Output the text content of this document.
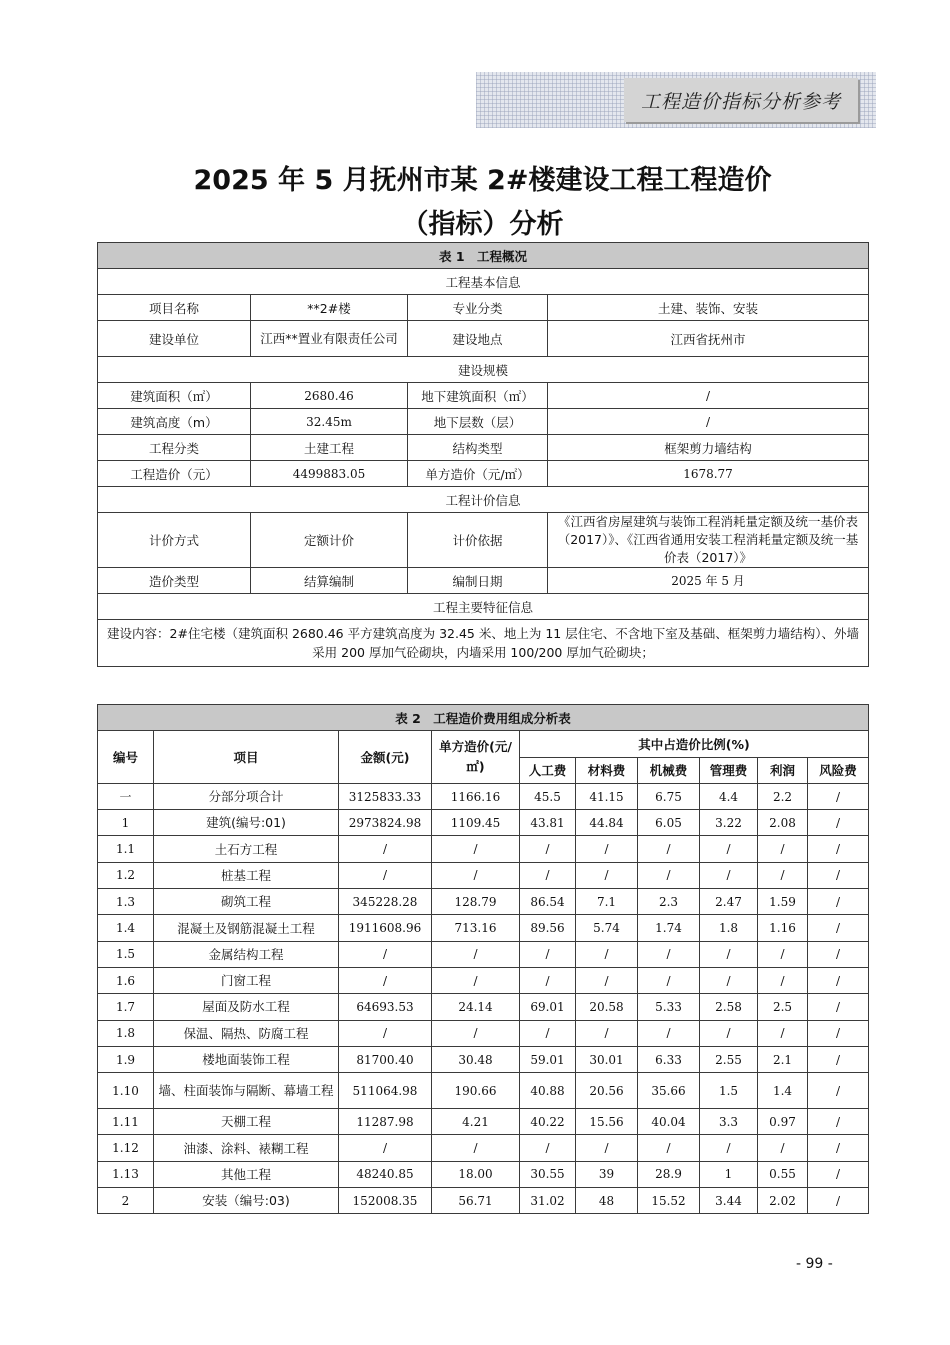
工程造价指标分析参考
2025 年 5 月抚州市某 2#楼建设工程工程造价
（指标）分析
表 1　工程概况			
工程基本信息			
项目名称	**2#楼	专业分类	土建、装饰、安装
建设单位	江西**置业有限责任公司	建设地点	江西省抚州市
建设规模			
建筑面积（㎡）	2680.46	地下建筑面积（㎡）	/
建筑高度（m）	32.45m	地下层数（层）	/
工程分类	土建工程	结构类型	框架剪力墙结构
工程造价（元）	4499883.05	单方造价（元/㎡）	1678.77
工程计价信息			
计价方式	定额计价	计价依据	《江西省房屋建筑与装饰工程消耗量定额及统一基价表（2017）》、《江西省通用安装工程消耗量定额及统一基价表（2017）》
造价类型	结算编制	编制日期	2025 年 5 月
工程主要特征信息			
建设内容：2#住宅楼（建筑面积 2680.46 平方建筑高度为 32.45 米、地上为 11 层住宅、不含地下室及基础、框架剪力墙结构）、外墙采用 200 厚加气砼砌块，内墙采用 100/200 厚加气砼砌块；			
表 2　工程造价费用组成分析表									
编号	项目	金额(元)	单方造价(元/㎡)	其中占造价比例(%)					
				人工费	材料费	机械费	管理费	利润	风险费
一	分部分项合计	3125833.33	1166.16	45.5	41.15	6.75	4.4	2.2	/
1	建筑(编号:01)	2973824.98	1109.45	43.81	44.84	6.05	3.22	2.08	/
1.1	土石方工程	/	/	/	/	/	/	/	/
1.2	桩基工程	/	/	/	/	/	/	/	/
1.3	砌筑工程	345228.28	128.79	86.54	7.1	2.3	2.47	1.59	/
1.4	混凝土及钢筋混凝土工程	1911608.96	713.16	89.56	5.74	1.74	1.8	1.16	/
1.5	金属结构工程	/	/	/	/	/	/	/	/
1.6	门窗工程	/	/	/	/	/	/	/	/
1.7	屋面及防水工程	64693.53	24.14	69.01	20.58	5.33	2.58	2.5	/
1.8	保温、隔热、防腐工程	/	/	/	/	/	/	/	/
1.9	楼地面装饰工程	81700.40	30.48	59.01	30.01	6.33	2.55	2.1	/
1.10	墙、柱面装饰与隔断、幕墙工程	511064.98	190.66	40.88	20.56	35.66	1.5	1.4	/
1.11	天棚工程	11287.98	4.21	40.22	15.56	40.04	3.3	0.97	/
1.12	油漆、涂料、裱糊工程	/	/	/	/	/	/	/	/
1.13	其他工程	48240.85	18.00	30.55	39	28.9	1	0.55	/
2	安装（编号:03)	152008.35	56.71	31.02	48	15.52	3.44	2.02	/
- 99 -
